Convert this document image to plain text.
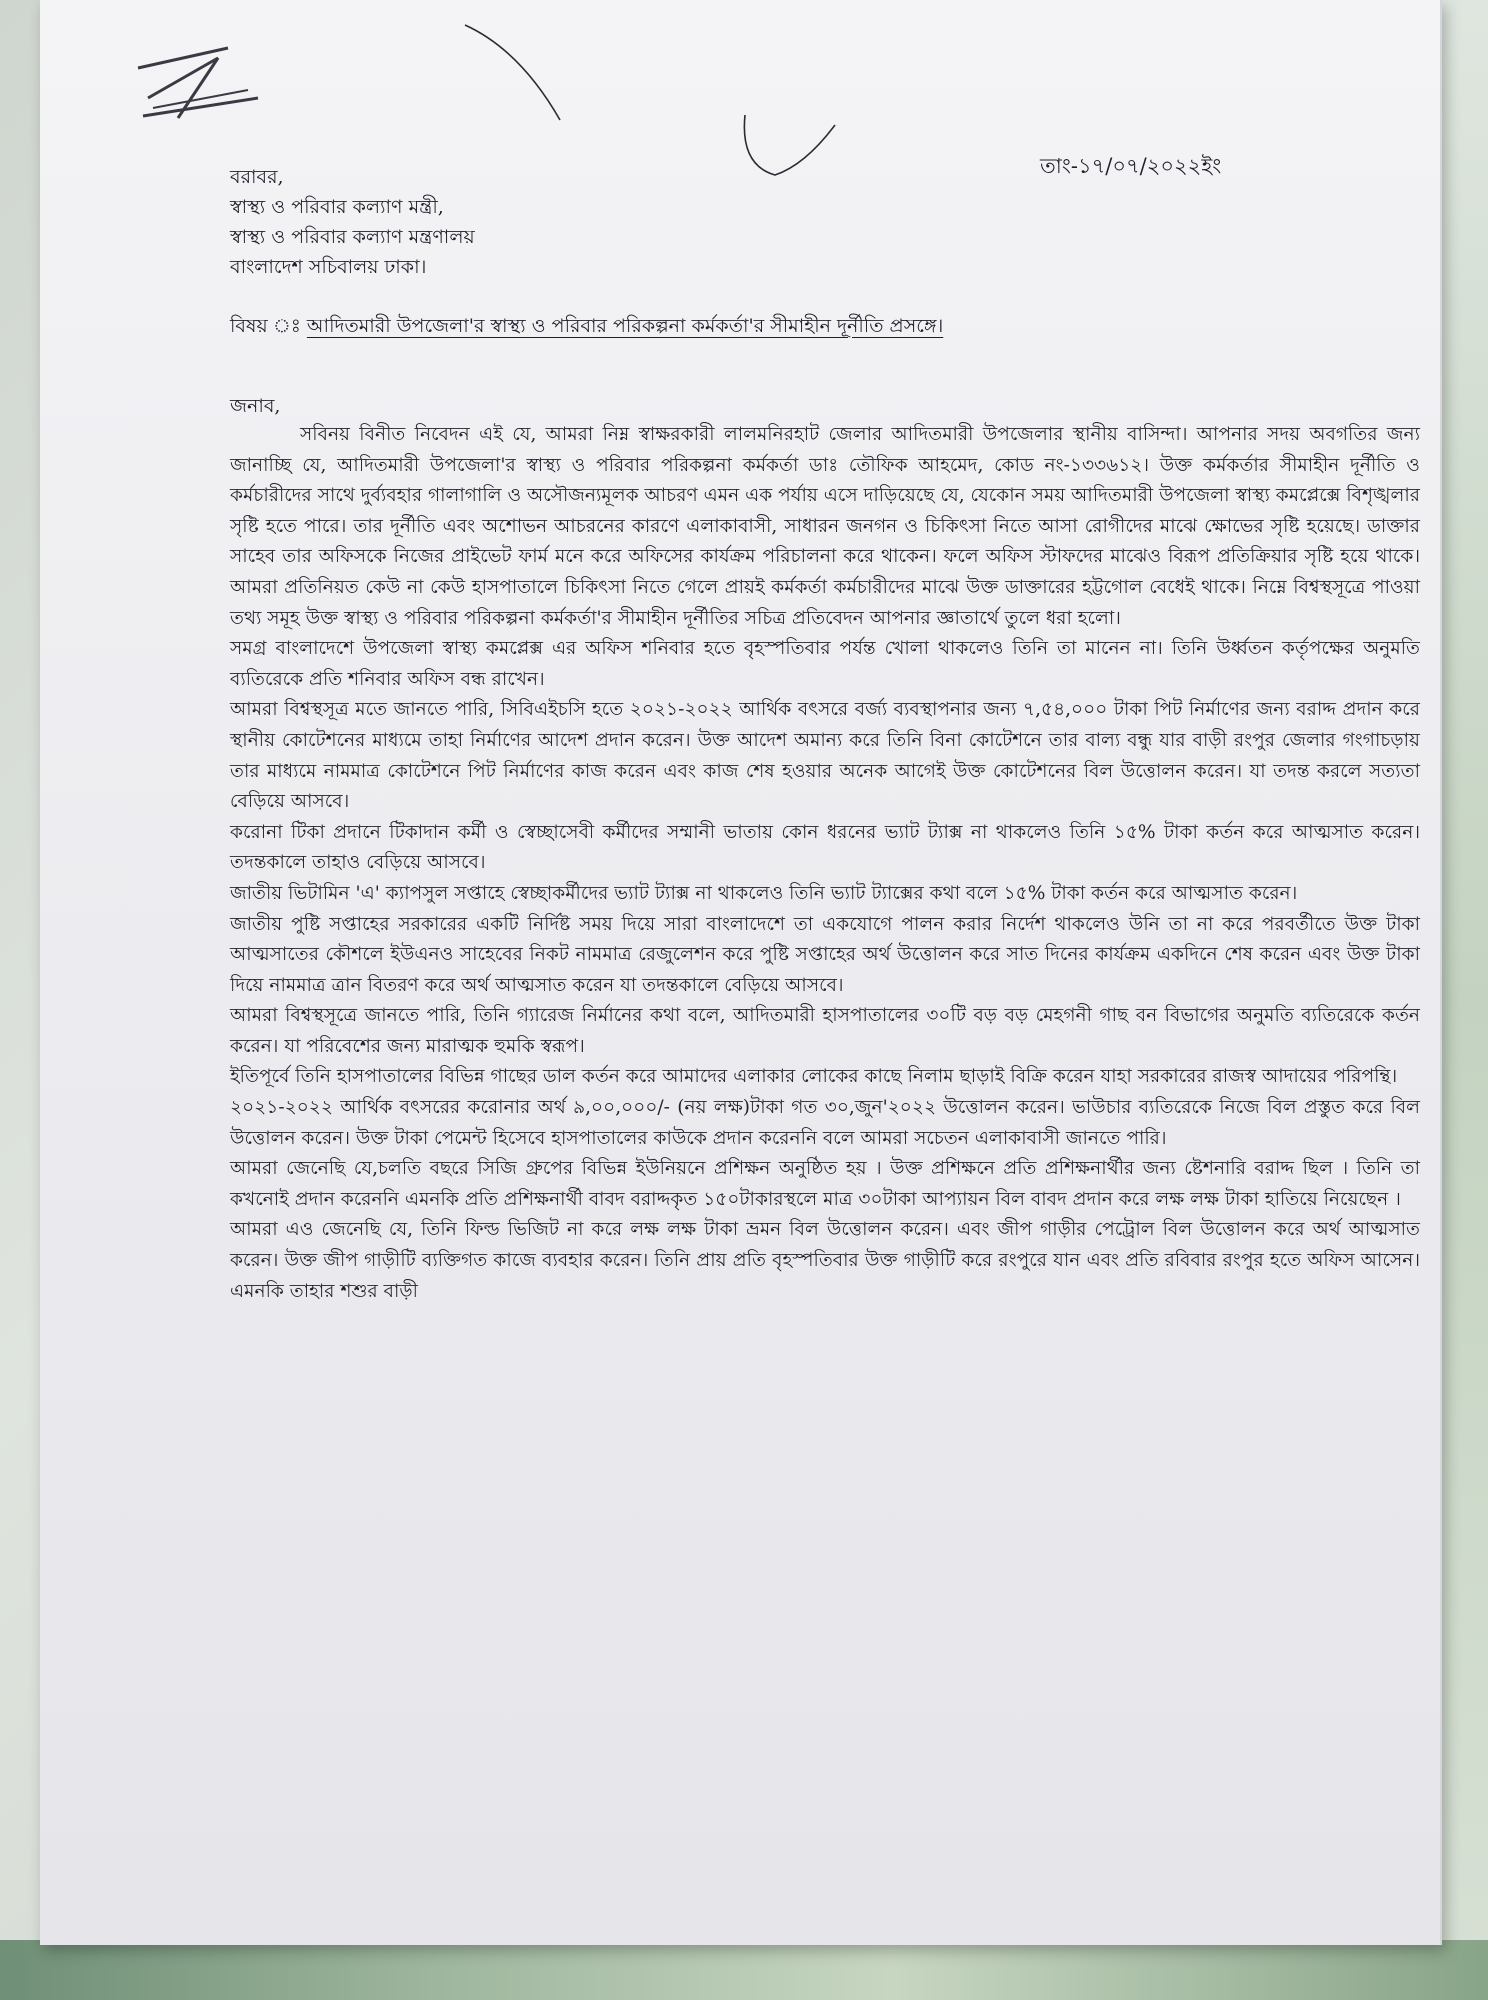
তাং-১৭/০৭/২০২২ইং
বরাবর,
স্বাস্থ্য ও পরিবার কল্যাণ মন্ত্রী,
স্বাস্থ্য ও পরিবার কল্যাণ মন্ত্রণালয়
বাংলাদেশ সচিবালয় ঢাকা।
বিষয় ঃ আদিতমারী উপজেলা'র স্বাস্থ্য ও পরিবার পরিকল্পনা কর্মকর্তা'র সীমাহীন দূর্নীতি প্রসঙ্গে।
জনাব,

সবিনয় বিনীত নিবেদন এই যে, আমরা নিম্ন স্বাক্ষরকারী লালমনিরহাট জেলার আদিতমারী উপজেলার স্থানীয় বাসিন্দা। আপনার সদয় অবগতির জন্য জানাচ্ছি যে, আদিতমারী উপজেলা'র স্বাস্থ্য ও পরিবার পরিকল্পনা কর্মকর্তা ডাঃ তৌফিক আহমেদ, কোড নং-১৩৩৬১২। উক্ত কর্মকর্তার সীমাহীন দূর্নীতি ও কর্মচারীদের সাথে দুর্ব্যবহার গালাগালি ও অসৌজন্যমূলক আচরণ এমন এক পর্যায় এসে দাড়িয়েছে যে, যেকোন সময় আদিতমারী উপজেলা স্বাস্থ্য কমপ্লেক্সে বিশৃঙ্খলার সৃষ্টি হতে পারে। তার দূর্নীতি এবং অশোভন আচরনের কারণে এলাকাবাসী, সাধারন জনগন ও চিকিৎসা নিতে আসা রোগীদের মাঝে ক্ষোভের সৃষ্টি হয়েছে। ডাক্তার সাহেব তার অফিসকে নিজের প্রাইভেট ফার্ম মনে করে অফিসের কার্যক্রম পরিচালনা করে থাকেন। ফলে অফিস স্টাফদের মাঝেও বিরূপ প্রতিক্রিয়ার সৃষ্টি হয়ে থাকে। আমরা প্রতিনিয়ত কেউ না কেউ হাসপাতালে চিকিৎসা নিতে গেলে প্রায়ই কর্মকর্তা কর্মচারীদের মাঝে উক্ত ডাক্তারের হট্টগোল বেধেই থাকে। নিম্নে বিশ্বস্থসূত্রে পাওয়া তথ্য সমূহ উক্ত স্বাস্থ্য ও পরিবার পরিকল্পনা কর্মকর্তা'র সীমাহীন দূর্নীতির সচিত্র প্রতিবেদন আপনার জ্ঞাতার্থে তুলে ধরা হলো।

সমগ্র বাংলাদেশে উপজেলা স্বাস্থ্য কমপ্লেক্স এর অফিস শনিবার হতে বৃহস্পতিবার পর্যন্ত খোলা থাকলেও তিনি তা মানেন না। তিনি উর্ধ্বতন কর্তৃপক্ষের অনুমতি ব্যতিরেকে প্রতি শনিবার অফিস বন্ধ রাখেন।

আমরা বিশ্বস্থসূত্র মতে জানতে পারি, সিবিএইচসি হতে ২০২১-২০২২ আর্থিক বৎসরে বর্জ্য ব্যবস্থাপনার জন্য ৭,৫৪,০০০ টাকা পিট নির্মাণের জন্য বরাদ্দ প্রদান করে স্থানীয় কোটেশনের মাধ্যমে তাহা নির্মাণের আদেশ প্রদান করেন। উক্ত আদেশ অমান্য করে তিনি বিনা কোটেশনে তার বাল্য বন্ধু যার বাড়ী রংপুর জেলার গংগাচড়ায় তার মাধ্যমে নামমাত্র কোটেশনে পিট নির্মাণের কাজ করেন এবং কাজ শেষ হওয়ার অনেক আগেই উক্ত কোটেশনের বিল উত্তোলন করেন। যা তদন্ত করলে সত্যতা বেড়িয়ে আসবে।

করোনা টিকা প্রদানে টিকাদান কর্মী ও স্বেচ্ছাসেবী কর্মীদের সম্মানী ভাতায় কোন ধরনের ভ্যাট ট্যাক্স না থাকলেও তিনি ১৫% টাকা কর্তন করে আত্মসাত করেন। তদন্তকালে তাহাও বেড়িয়ে আসবে।

জাতীয় ভিটামিন 'এ' ক্যাপসুল সপ্তাহে স্বেচ্ছাকর্মীদের ভ্যাট ট্যাক্স না থাকলেও তিনি ভ্যাট ট্যাক্সের কথা বলে ১৫% টাকা কর্তন করে আত্মসাত করেন।

জাতীয় পুষ্টি সপ্তাহের সরকারের একটি নির্দিষ্ট সময় দিয়ে সারা বাংলাদেশে তা একযোগে পালন করার নির্দেশ থাকলেও উনি তা না করে পরবর্তীতে উক্ত টাকা আত্মসাতের কৌশলে ইউএনও সাহেবের নিকট নামমাত্র রেজুলেশন করে পুষ্টি সপ্তাহের অর্থ উত্তোলন করে সাত দিনের কার্যক্রম একদিনে শেষ করেন এবং উক্ত টাকা দিয়ে নামমাত্র ত্রান বিতরণ করে অর্থ আত্মসাত করেন যা তদন্তকালে বেড়িয়ে আসবে।

আমরা বিশ্বস্থসূত্রে জানতে পারি, তিনি গ্যারেজ নির্মানের কথা বলে, আদিতমারী হাসপাতালের ৩০টি বড় বড় মেহগনী গাছ বন বিভাগের অনুমতি ব্যতিরেকে কর্তন করেন। যা পরিবেশের জন্য মারাত্মক হুমকি স্বরূপ।

ইতিপূর্বে তিনি হাসপাতালের বিভিন্ন গাছের ডাল কর্তন করে আমাদের এলাকার লোকের কাছে নিলাম ছাড়াই বিক্রি করেন যাহা সরকারের রাজস্ব আদায়ের পরিপন্থি।

২০২১-২০২২ আর্থিক বৎসরের করোনার অর্থ ৯,০০,০০০/- (নয় লক্ষ)টাকা গত ৩০,জুন'২০২২ উত্তোলন করেন। ভাউচার ব্যতিরেকে নিজে বিল প্রস্তুত করে বিল উত্তোলন করেন। উক্ত টাকা পেমেন্ট হিসেবে হাসপাতালের কাউকে প্রদান করেননি বলে আমরা সচেতন এলাকাবাসী জানতে পারি।

আমরা জেনেছি যে,চলতি বছরে সিজি গ্রুপের বিভিন্ন ইউনিয়নে প্রশিক্ষন অনুষ্ঠিত হয় । উক্ত প্রশিক্ষনে প্রতি প্রশিক্ষনার্থীর জন্য ষ্টেশনারি বরাদ্দ ছিল । তিনি তা কখনোই প্রদান করেননি এমনকি প্রতি প্রশিক্ষনার্থী বাবদ বরাদ্দকৃত ১৫০টাকারস্থলে মাত্র ৩০টাকা আপ্যায়ন বিল বাবদ প্রদান করে লক্ষ লক্ষ টাকা হাতিয়ে নিয়েছেন ।

আমরা এও জেনেছি যে, তিনি ফিল্ড ভিজিট না করে লক্ষ লক্ষ টাকা ভ্রমন বিল উত্তোলন করেন। এবং জীপ গাড়ীর পেট্রোল বিল উত্তোলন করে অর্থ আত্মসাত করেন। উক্ত জীপ গাড়ীটি ব্যক্তিগত কাজে ব্যবহার করেন। তিনি প্রায় প্রতি বৃহস্পতিবার উক্ত গাড়ীটি করে রংপুরে যান এবং প্রতি রবিবার রংপুর হতে অফিস আসেন। এমনকি তাহার শশুর বাড়ী
